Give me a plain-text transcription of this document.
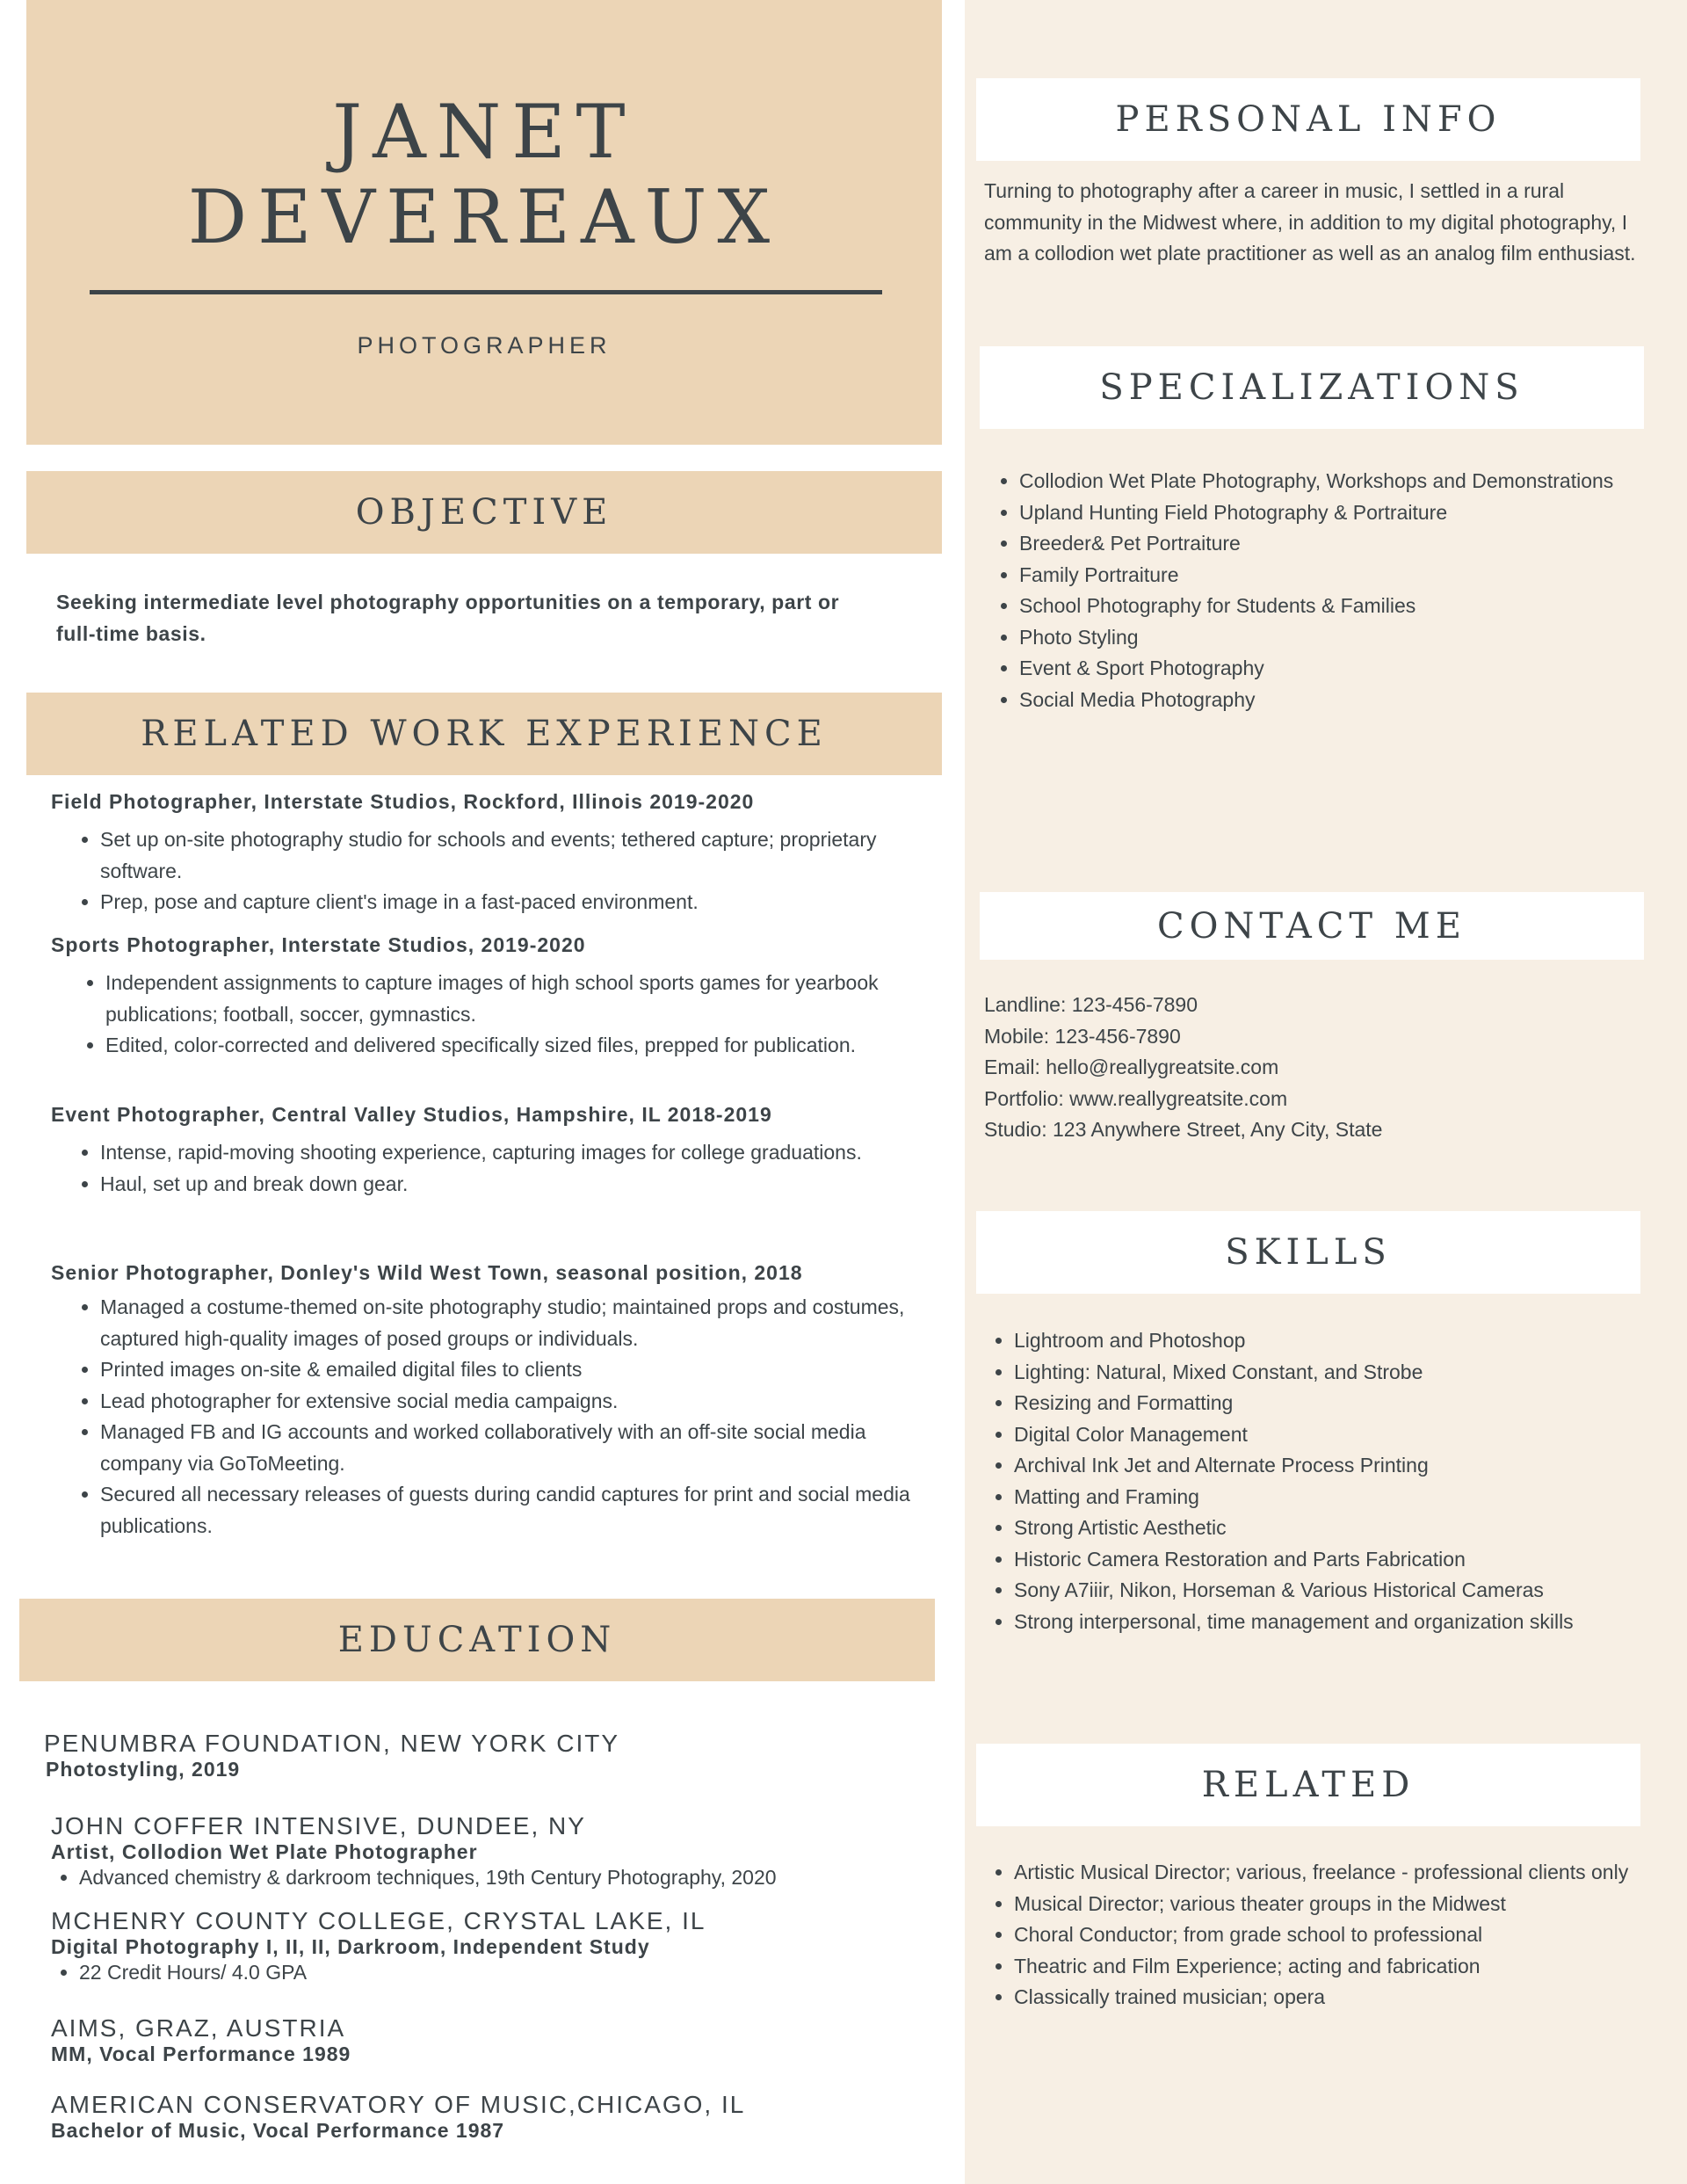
JANET
DEVEREAUX
PHOTOGRAPHER
OBJECTIVE
Seeking intermediate level photography opportunities on a temporary, part or full-time basis.
RELATED WORK EXPERIENCE
Field Photographer, Interstate Studios, Rockford, Illinois 2019-2020
• Set up on-site photography studio for schools and events; tethered capture; proprietary software.
• Prep, pose and capture client's image in a fast-paced environment.
Sports Photographer, Interstate Studios, 2019-2020
• Independent assignments to capture images of high school sports games for yearbook publications; football, soccer, gymnastics.
• Edited, color-corrected and delivered specifically sized files, prepped for publication.
Event Photographer, Central Valley Studios, Hampshire, IL 2018-2019
• Intense, rapid-moving shooting experience, capturing images for college graduations.
• Haul, set up and break down gear.
Senior Photographer, Donley's Wild West Town, seasonal position, 2018
• Managed a costume-themed on-site photography studio; maintained props and costumes, captured high-quality images of posed groups or individuals.
• Printed images on-site & emailed digital files to clients
• Lead photographer for extensive social media campaigns.
• Managed FB and IG accounts and worked collaboratively with an off-site social media company via GoToMeeting.
• Secured all necessary releases of guests during candid captures for print and social media publications.
EDUCATION
PENUMBRA FOUNDATION, NEW YORK CITY
Photostyling, 2019
JOHN COFFER INTENSIVE, DUNDEE, NY
Artist, Collodion Wet Plate Photographer
• Advanced chemistry & darkroom techniques, 19th Century Photography, 2020
MCHENRY COUNTY COLLEGE, CRYSTAL LAKE, IL
Digital Photography I, II, II, Darkroom, Independent Study
• 22 Credit Hours/ 4.0 GPA
AIMS, GRAZ, AUSTRIA
MM, Vocal Performance 1989
AMERICAN CONSERVATORY OF MUSIC,CHICAGO, IL
Bachelor of Music, Vocal Performance 1987
PERSONAL INFO
Turning to photography after a career in music, I settled in a rural community in the Midwest where, in addition to my digital photography, I am a collodion wet plate practitioner as well as an analog film enthusiast.
SPECIALIZATIONS
• Collodion Wet Plate Photography, Workshops and Demonstrations
• Upland Hunting Field Photography & Portraiture
• Breeder& Pet Portraiture
• Family Portraiture
• School Photography for Students & Families
• Photo Styling
• Event & Sport Photography
• Social Media Photography
CONTACT ME
Landline: 123-456-7890
Mobile: 123-456-7890
Email: hello@reallygreatsite.com
Portfolio: www.reallygreatsite.com
Studio: 123 Anywhere Street, Any City, State
SKILLS
• Lightroom and Photoshop
• Lighting: Natural, Mixed Constant, and Strobe
• Resizing and Formatting
• Digital Color Management
• Archival Ink Jet and Alternate Process Printing
• Matting and Framing
• Strong Artistic Aesthetic
• Historic Camera Restoration and Parts Fabrication
• Sony A7iiir, Nikon, Horseman & Various Historical Cameras
• Strong interpersonal, time management and organization skills
RELATED
• Artistic Musical Director; various, freelance - professional clients only
• Musical Director; various theater groups in the Midwest
• Choral Conductor; from grade school to professional
• Theatric and Film Experience; acting and fabrication
• Classically trained musician; opera
